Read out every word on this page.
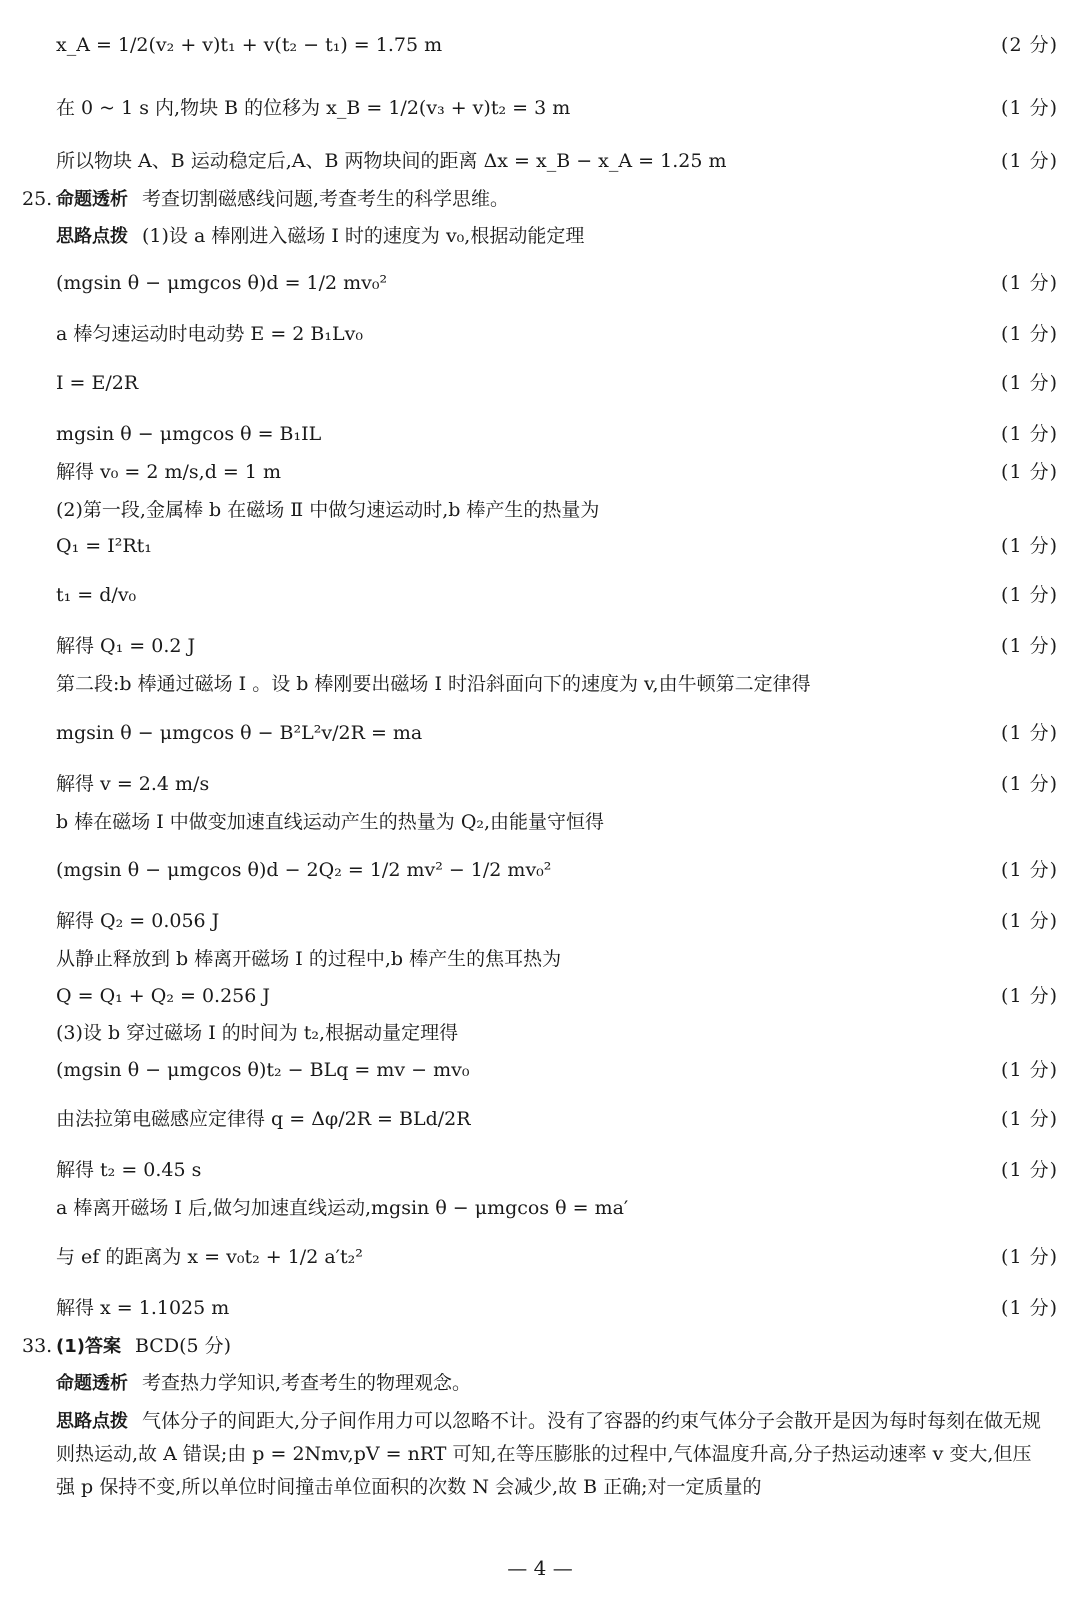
x_A = 1/2(v₂ + v)t₁ + v(t₂ − t₁) = 1.75 m	(2 分)
在 0 ~ 1 s 内,物块 B 的位移为 x_B = 1/2(v₃ + v)t₂ = 3 m	(1 分)
所以物块 A、B 运动稳定后,A、B 两物块间的距离 Δx = x_B − x_A = 1.25 m	(1 分)
25. 命题透析 考查切割磁感线问题,考查考生的科学思维。
思路点拨 (1)设 a 棒刚进入磁场 Ⅰ 时的速度为 v₀,根据动能定理
(mgsin θ − μmgcos θ)d = 1/2 mv₀²	(1 分)
a 棒匀速运动时电动势 E = 2 B₁Lv₀	(1 分)
I = E/2R	(1 分)
mgsin θ − μmgcos θ = B₁IL	(1 分)
解得 v₀ = 2 m/s,d = 1 m	(1 分)
(2)第一段,金属棒 b 在磁场 Ⅱ 中做匀速运动时,b 棒产生的热量为
Q₁ = I²Rt₁	(1 分)
t₁ = d/v₀	(1 分)
解得 Q₁ = 0.2 J	(1 分)
第二段:b 棒通过磁场 Ⅰ 。设 b 棒刚要出磁场 Ⅰ 时沿斜面向下的速度为 v,由牛顿第二定律得
mgsin θ − μmgcos θ − B²L²v/2R = ma	(1 分)
解得 v = 2.4 m/s	(1 分)
b 棒在磁场 Ⅰ 中做变加速直线运动产生的热量为 Q₂,由能量守恒得
(mgsin θ − μmgcos θ)d − 2Q₂ = 1/2 mv² − 1/2 mv₀²	(1 分)
解得 Q₂ = 0.056 J	(1 分)
从静止释放到 b 棒离开磁场 Ⅰ 的过程中,b 棒产生的焦耳热为
Q = Q₁ + Q₂ = 0.256 J	(1 分)
(3)设 b 穿过磁场 Ⅰ 的时间为 t₂,根据动量定理得
(mgsin θ − μmgcos θ)t₂ − BLq = mv − mv₀	(1 分)
由法拉第电磁感应定律得 q = Δφ/2R = BLd/2R	(1 分)
解得 t₂ = 0.45 s	(1 分)
a 棒离开磁场 Ⅰ 后,做匀加速直线运动,mgsin θ − μmgcos θ = ma′
与 ef 的距离为 x = v₀t₂ + 1/2 a′t₂²	(1 分)
解得 x = 1.1025 m	(1 分)
33. (1)答案 BCD(5 分)
命题透析 考查热力学知识,考查考生的物理观念。
思路点拨 气体分子的间距大,分子间作用力可以忽略不计。没有了容器的约束气体分子会散开是因为每时每刻在做无规则热运动,故 A 错误;由 p = 2Nmv,pV = nRT 可知,在等压膨胀的过程中,气体温度升高,分子热运动速率 v 变大,但压强 p 保持不变,所以单位时间撞击单位面积的次数 N 会减少,故 B 正确;对一定质量的
— 4 —
